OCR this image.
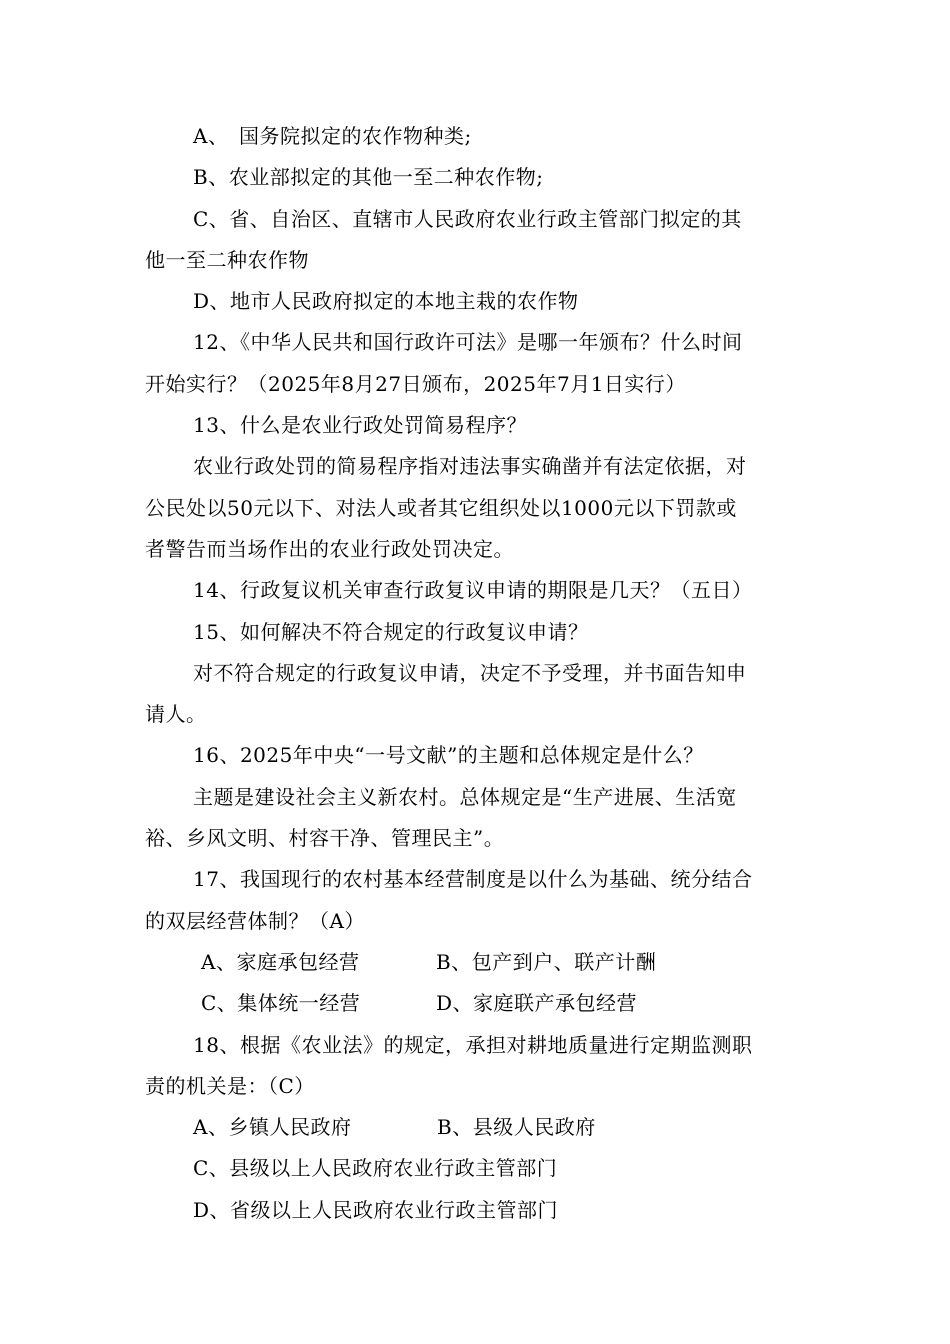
A、　国务院拟定的农作物种类;
B、农业部拟定的其他一至二种农作物;
C、省、自治区、直辖市人民政府农业行政主管部门拟定的其
他一至二种农作物
D、地市人民政府拟定的本地主栽的农作物
12、《中华人民共和国行政许可法》是哪一年颁布？什么时间
开始实行？（2025年8月27日颁布，2025年7月1日实行）
13、什么是农业行政处罚简易程序？
农业行政处罚的简易程序指对违法事实确凿并有法定依据，对
公民处以50元以下、对法人或者其它组织处以1000元以下罚款或
者警告而当场作出的农业行政处罚决定。
14、行政复议机关审查行政复议申请的期限是几天？（五日）
15、如何解决不符合规定的行政复议申请？
对不符合规定的行政复议申请，决定不予受理，并书面告知申
请人。
16、2025年中央“一号文献”的主题和总体规定是什么？
主题是建设社会主义新农村。总体规定是“生产进展、生活宽
裕、乡风文明、村容干净、管理民主”。
17、我国现行的农村基本经营制度是以什么为基础、统分结合
的双层经营体制？（A）
A、家庭承包经营	B、包产到户、联产计酬
C、集体统一经营	D、家庭联产承包经营
18、根据《农业法》的规定，承担对耕地质量进行定期监测职
责的机关是：（C）
A、乡镇人民政府	B、县级人民政府
C、县级以上人民政府农业行政主管部门
D、省级以上人民政府农业行政主管部门
